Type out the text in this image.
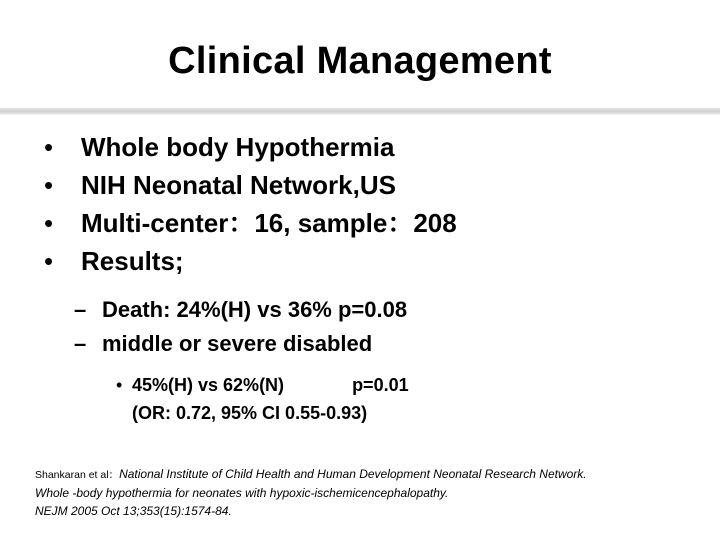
Clinical Management
• Whole body Hypothermia
• NIH Neonatal Network,US
• Multi-center：16, sample：208
• Results;
– Death: 24%(H) vs 36% p=0.08
– middle or severe disabled
• 45%(H) vs 62%(N)	p=0.01
(OR: 0.72, 95% CI 0.55-0.93)
Shankaran et al：National Institute of Child Health and Human Development Neonatal Research Network.
Whole -body hypothermia for neonates with hypoxic-ischemicencephalopathy.
NEJM 2005 Oct 13;353(15):1574-84.
